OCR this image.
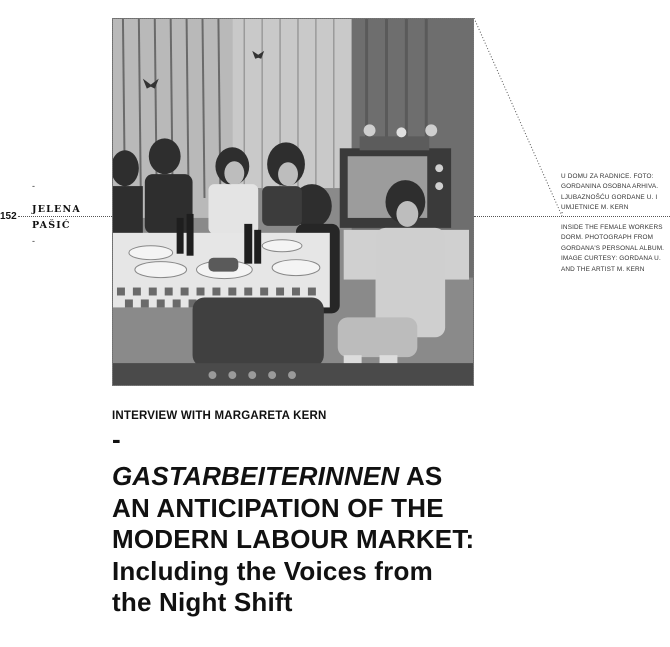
152
-
JELENA
PAŠIĆ
-
U DOMU ZA RADNICE. FOTO: GORDANINA OSOBNA ARHIVA. LJUBAZNOŠĆU GORDANE U. I UMJETNICE M. KERN
-
INSIDE THE FEMALE WORKERS DORM. PHOTOGRAPH FROM GORDANA'S PERSONAL ALBUM. IMAGE CURTESY: GORDANA U. AND THE ARTIST M. KERN
INTERVIEW WITH MARGARETA KERN
-
GASTARBEITERINNEN AS
AN ANTICIPATION OF THE
MODERN LABOUR MARKET:
Including the Voices from
the Night Shift
